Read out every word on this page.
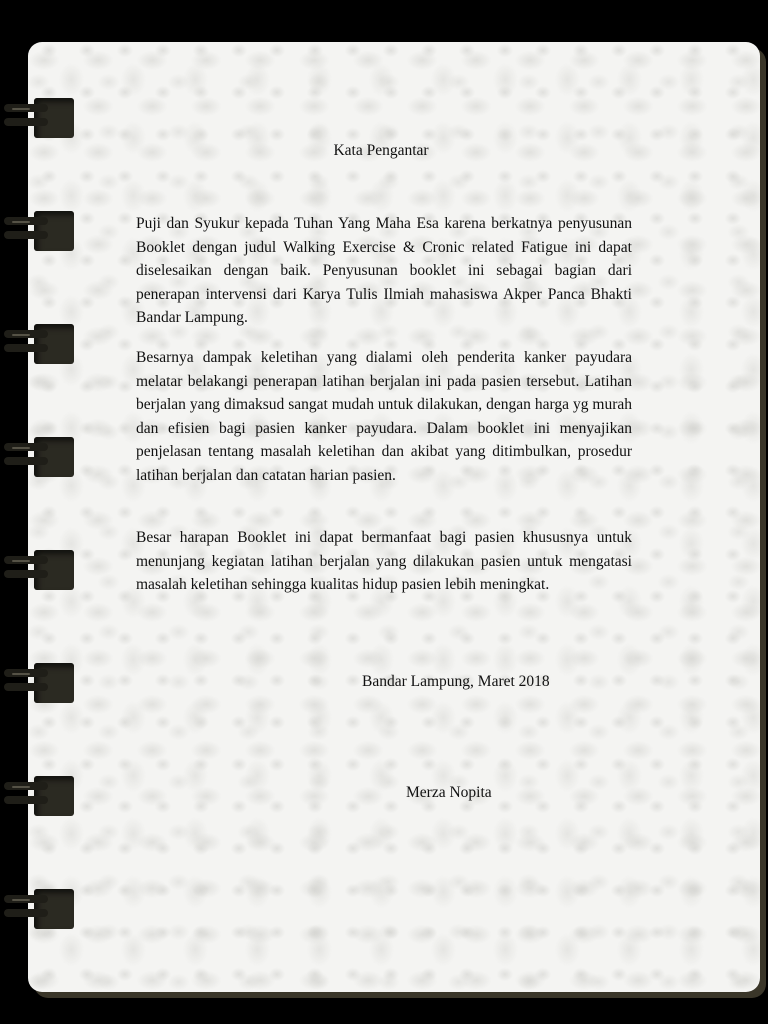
Kata Pengantar

Puji dan Syukur kepada Tuhan Yang Maha Esa karena berkatnya penyusunan Booklet dengan judul Walking Exercise & Cronic related Fatigue ini dapat diselesaikan dengan baik. Penyusunan booklet ini sebagai bagian dari penerapan intervensi dari Karya Tulis Ilmiah mahasiswa Akper Panca Bhakti Bandar Lampung.

Besarnya dampak keletihan yang dialami oleh penderita kanker payudara melatar belakangi penerapan latihan berjalan ini pada pasien tersebut. Latihan berjalan yang dimaksud sangat mudah untuk dilakukan, dengan harga yg murah dan efisien bagi pasien kanker payudara. Dalam booklet ini menyajikan penjelasan tentang masalah keletihan dan akibat yang ditimbulkan, prosedur latihan berjalan dan catatan harian pasien.

Besar harapan Booklet ini dapat bermanfaat bagi pasien khususnya untuk menunjang kegiatan latihan berjalan yang dilakukan pasien untuk mengatasi masalah keletihan sehingga kualitas hidup pasien lebih meningkat.

Bandar Lampung, Maret 2018
Merza Nopita
